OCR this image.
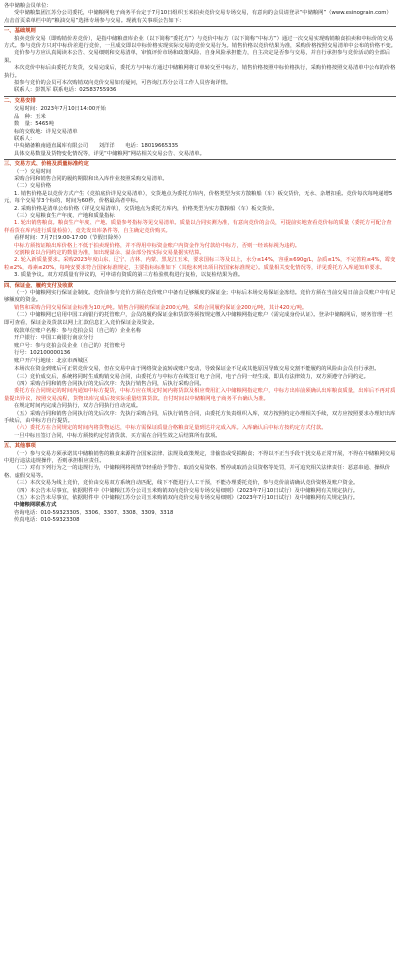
各中储粮会员单位：

受中储粮集团江苏分公司委托，中储粮网电子商务平台定于7月10日组织玉米拍卖竞价交易专场交易，有意向的会员请登录“中储粮网”（www.esinograin.com）点击首页菜单栏中的“粮油交易”选择专场参与交易。现就有关事项公告如下：

一、基础规则

拍卖竞价交易（即购销价差竞价），是指中储粮盘库企业（以下简称“委托方”）与竞价中标方（以下简称“中标方”）通过一次交易实现购销粮食拍卖和中标价的交易方式。参与竞价方只对中标价差进行竞价，一旦成交即以中标价格实现实际交易的竞价交易行为。销售价格以竞价结果为准，采购价格按照交易清单中公布的价格不变。

竞价参与方应认真阅读本公告、交易细则和交易清单，审慎评价市场和政策风险、自身风险承担能力，自主决定是否参与交易，并自行承担参与竞价活动的全部后果。

本次竞价中标后由委托方发货，交易完成后，委托方与中标方通过中储粮网将订单转交至中标方，销售价格按照中标价格执行，采购价格按照交易清单中公布的价格执行。

拟参与竞价的会员可本次购销双向竞价交易如有疑问，可咨询江苏分公司工作人员咨询详情。

联系人：彭凯军 联系电话：02583755936

二、交易安排

交易时间：2023年7月10日14:00开始

品　种：玉米

数　量：5465吨

标的交收地：详见交易清单

联系人：

中央储备粮南通直属库有限公司　　刘洋洋　　电话：18019665335

具体交易数量及货物变化情况等，详见“中储粮网”网站相关交易公告、交易清单。

三、交易方式、价格及质量标准约定

（一）交易时间

采购合同和销售合同的履约期限和出入库作业按照采购交易清单。

（二）交易价格

1. 销售价格是以竞价方式产生（竞拍底价详见交易清单），交货地点为委托方库内，价格类型为实方散粮船（车）板交货价，无水、杂增扣重。竞价每次每吨递增5元，每个交易节3个标的，时间为60秒，价格最高者中标。

2. 采购价格是清单公布价格（详见交易清单），交货地点为委托方库内，价格类型为实方散粮船（车）板交货价。

（三）交易粮食生产年度、产地和质量指标

1. 轮出销售粮食。粮食生产年度、产地、质量参考指标等见交易清单。质量以合同实测为准，有意向竞价的会员，可提前实地查看竞价标的质量（委托方可配合查样看货在库内进行质量检验），竟先发出库条件等，自主确定竞价购买。

看样时间：7月7日9:00-17:00（节假日除外）

中标方须按证粮出库价格上不低于拍卖现价格，并不得用中标资金账户内资金作为付款给中标方，否则一经该标视为违约。

交割粮食以合同约定的数量为准，如出现溢余、溢余部分按实际交易量据实结算。

2. 轮入新质量要求。采购2023年度山东、辽宁、吉林、内蒙、黑龙江玉米，要求国标三等及以上，水分≤14%，容重≥690g/L，杂质≤1%，不完善粒≤4%，霉变粒≤2%，毒素≤20%，每吨安要求符合国家标准规定，主要指标标准如下（其他未列出项目按国家标准规定）。质量相关变化情况等，详见委托方入库通知单要求。

3. 质量争议。双方对质量有异议的，可申请有资质的第三方检验机构进行复检，以复检结果为准。

四、保证金、履约支付及收款

（一）中储粮网实行保证金制度。竞价前参与竞价方须在竞价账户中备有足够额度的保证金；中标后本场交易保证金冻结。竞价方须在当前交易日前会员账户中有足够额度的资金。

销售和采购合同交易保证金标准为10元/吨。销售合同履约保证金200元/吨，采购合同履约保证金200元/吨，其计420元/吨。

（二）中储粮网已启用中国工商银行的托管账户，会员的履约保证金和货款等须按规定缴入中储粮网指定账户（需完成身份认证）。登录中储粮网后，财务管理一栏即可查看，保证金及货款以网上汇款信息汇入竞价保证金及资金。

收款单位账户名称：参与竞拍会员（自己的）企业名称

开户银行：中国工商银行南京分行

账户号：参与竞拍会员企业（自己的）托管账号

行号：102100000136

账户开户行地址：北京市西城区

本场次在资金到账后可正常竞价交易，但在交易中由于网络资金流转或账户变动，导致保证金不足或其他原因导致交易交割不能履约的风险由会员自行承担。

（三）竞价成交后，系统将同时生成购销交易合同，由委托方与中标方在线签订电子合同，电子合同一经生成，即具有法律效力，双方须遵守合同约定。

（四）采购合同和销售合同执行的先后次序：先执行销售合同，后执行采购合同。

委托方在合同规定的时间内通知中标方提货，中标方应在规定时间内将货款及相应费用汇入中储粮网指定账户，中标方出库前须确认出库粮食质量，出库后不再对质量提出异议，按照交易流程，货物出库完成后按实际重量结算货款。自付时间以中储粮网电子商务平台确认为准。

在规定时间内完成合同执行，双方合同执行自动完成。

（五）采购合同和销售合同执行的先后次序：先执行采购合同，后执行销售合同，由委托方负责组织入库，双方按照约定办理相关手续，双方应按照要求办理好出库手续后，由中标方自行提货。

（六）委托方在合同规定的时间内将货物运达，中标方需保证质量合格粮食足量到达并完成入库。入库确认后中标方按约定方式付款。

一旦中标且签订合同，中标方须按约定付清货款、买方需在合同生效之后结算所有款项。

五、其他事项

（一）参与交易方须承诺其中储粮销售的粮食来源符合国家法律、法规及政策规定，非偷盗或受损粮食；不得以不正当手段干扰交易正常开展，不得在中储粮网交易中进行违法违规操作，否则承担相应责任。

（二）对有下列行为之一的违规行为，中储粮网将视情节轻重给予警告、取消交易资格、暂停或取消会员资格等处罚，并可追究相关法律责任：恶意串通、操纵价格、虚假交易等。

（三）本次交易为线上竞价，竞价由交易双方系统自动匹配，线下不能进行人工干预，不能办理委托竞价，参与竞价前请确认竞价资格及账户资金。

（四）本公告未尽事宜，依据附件中《中储粮江苏分公司玉米购销双向竞价交易专场交易细则》（2023年7月10日试行）及中储粮网有关规定执行。

（五）本公告未尽事宜，依据附件中《中储粮江苏分公司玉米购销双向竞价交易专场交易细则》（2023年7月10日试行）及中储粮网有关规定执行。

中储粮网联系方式

咨询电话：010-59323305、3306、3307、3308、3309、3318

传真电话：010-59323308
